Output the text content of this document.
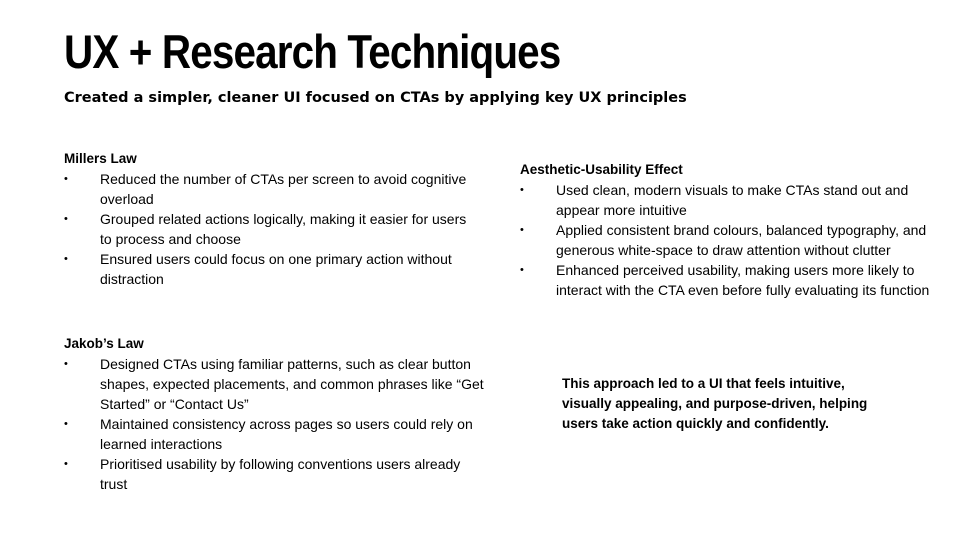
UX + Research Techniques

Created a simpler, cleaner UI focused on CTAs by applying key UX principles

Millers Law

• Reduced the number of CTAs per screen to avoid cognitive overload
• Grouped related actions logically, making it easier for users to process and choose
• Ensured users could focus on one primary action without distraction

Aesthetic-Usability Effect

• Used clean, modern visuals to make CTAs stand out and appear more intuitive
• Applied consistent brand colours, balanced typography, and generous white-space to draw attention without clutter
• Enhanced perceived usability, making users more likely to interact with the CTA even before fully evaluating its function

Jakob’s Law

• Designed CTAs using familiar patterns, such as clear button shapes, expected placements, and common phrases like “Get Started” or “Contact Us”
• Maintained consistency across pages so users could rely on learned interactions
• Prioritised usability by following conventions users already trust

This approach led to a UI that feels intuitive, visually appealing, and purpose-driven, helping users take action quickly and confidently.
